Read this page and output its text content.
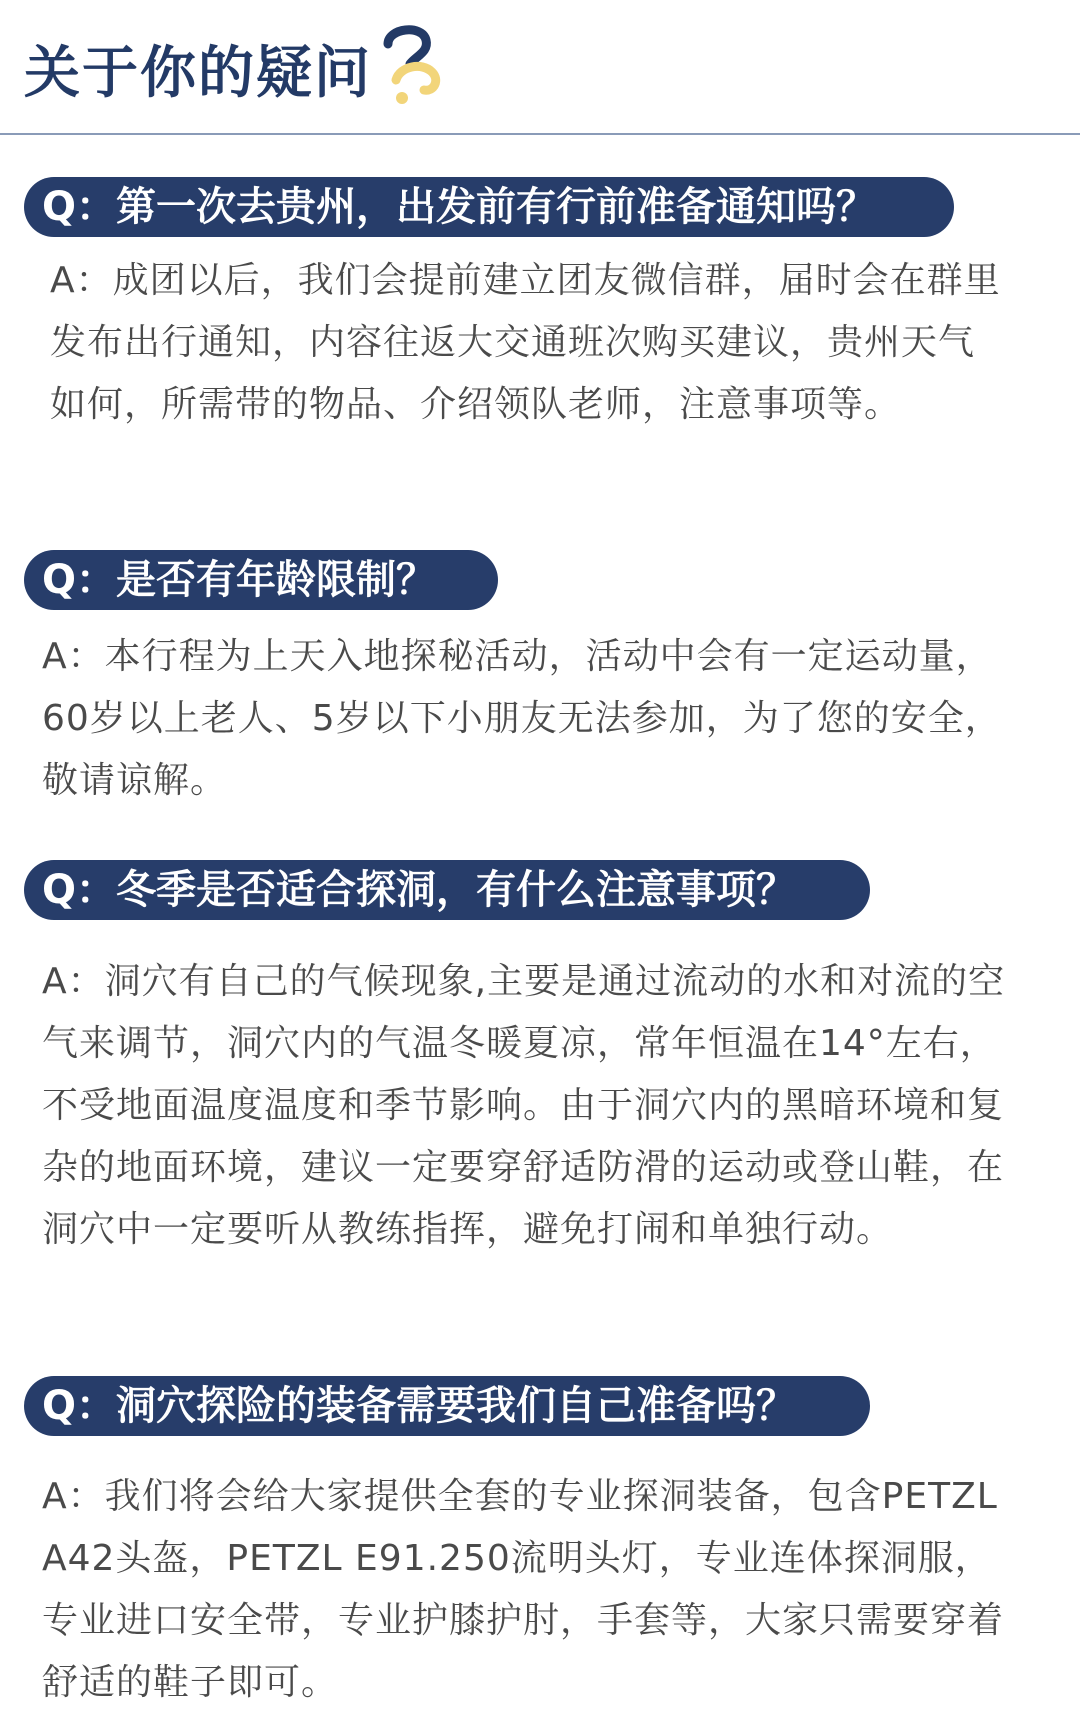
关于你的疑问
Q：第一次去贵州，出发前有行前准备通知吗？
A：成团以后，我们会提前建立团友微信群，届时会在群里发布出行通知，内容往返大交通班次购买建议，贵州天气如何，所需带的物品、介绍领队老师，注意事项等。
Q：是否有年龄限制？
A：本行程为上天入地探秘活动，活动中会有一定运动量，60岁以上老人、5岁以下小朋友无法参加，为了您的安全，敬请谅解。
Q：冬季是否适合探洞，有什么注意事项？
A：洞穴有自己的气候现象,主要是通过流动的水和对流的空气来调节，洞穴内的气温冬暖夏凉，常年恒温在14°左右，不受地面温度温度和季节影响。由于洞穴内的黑暗环境和复杂的地面环境，建议一定要穿舒适防滑的运动或登山鞋，在洞穴中一定要听从教练指挥，避免打闹和单独行动。
Q：洞穴探险的装备需要我们自己准备吗？
A：我们将会给大家提供全套的专业探洞装备，包含PETZL A42头盔，PETZL E91.250流明头灯，专业连体探洞服，专业进口安全带，专业护膝护肘，手套等，大家只需要穿着舒适的鞋子即可。
